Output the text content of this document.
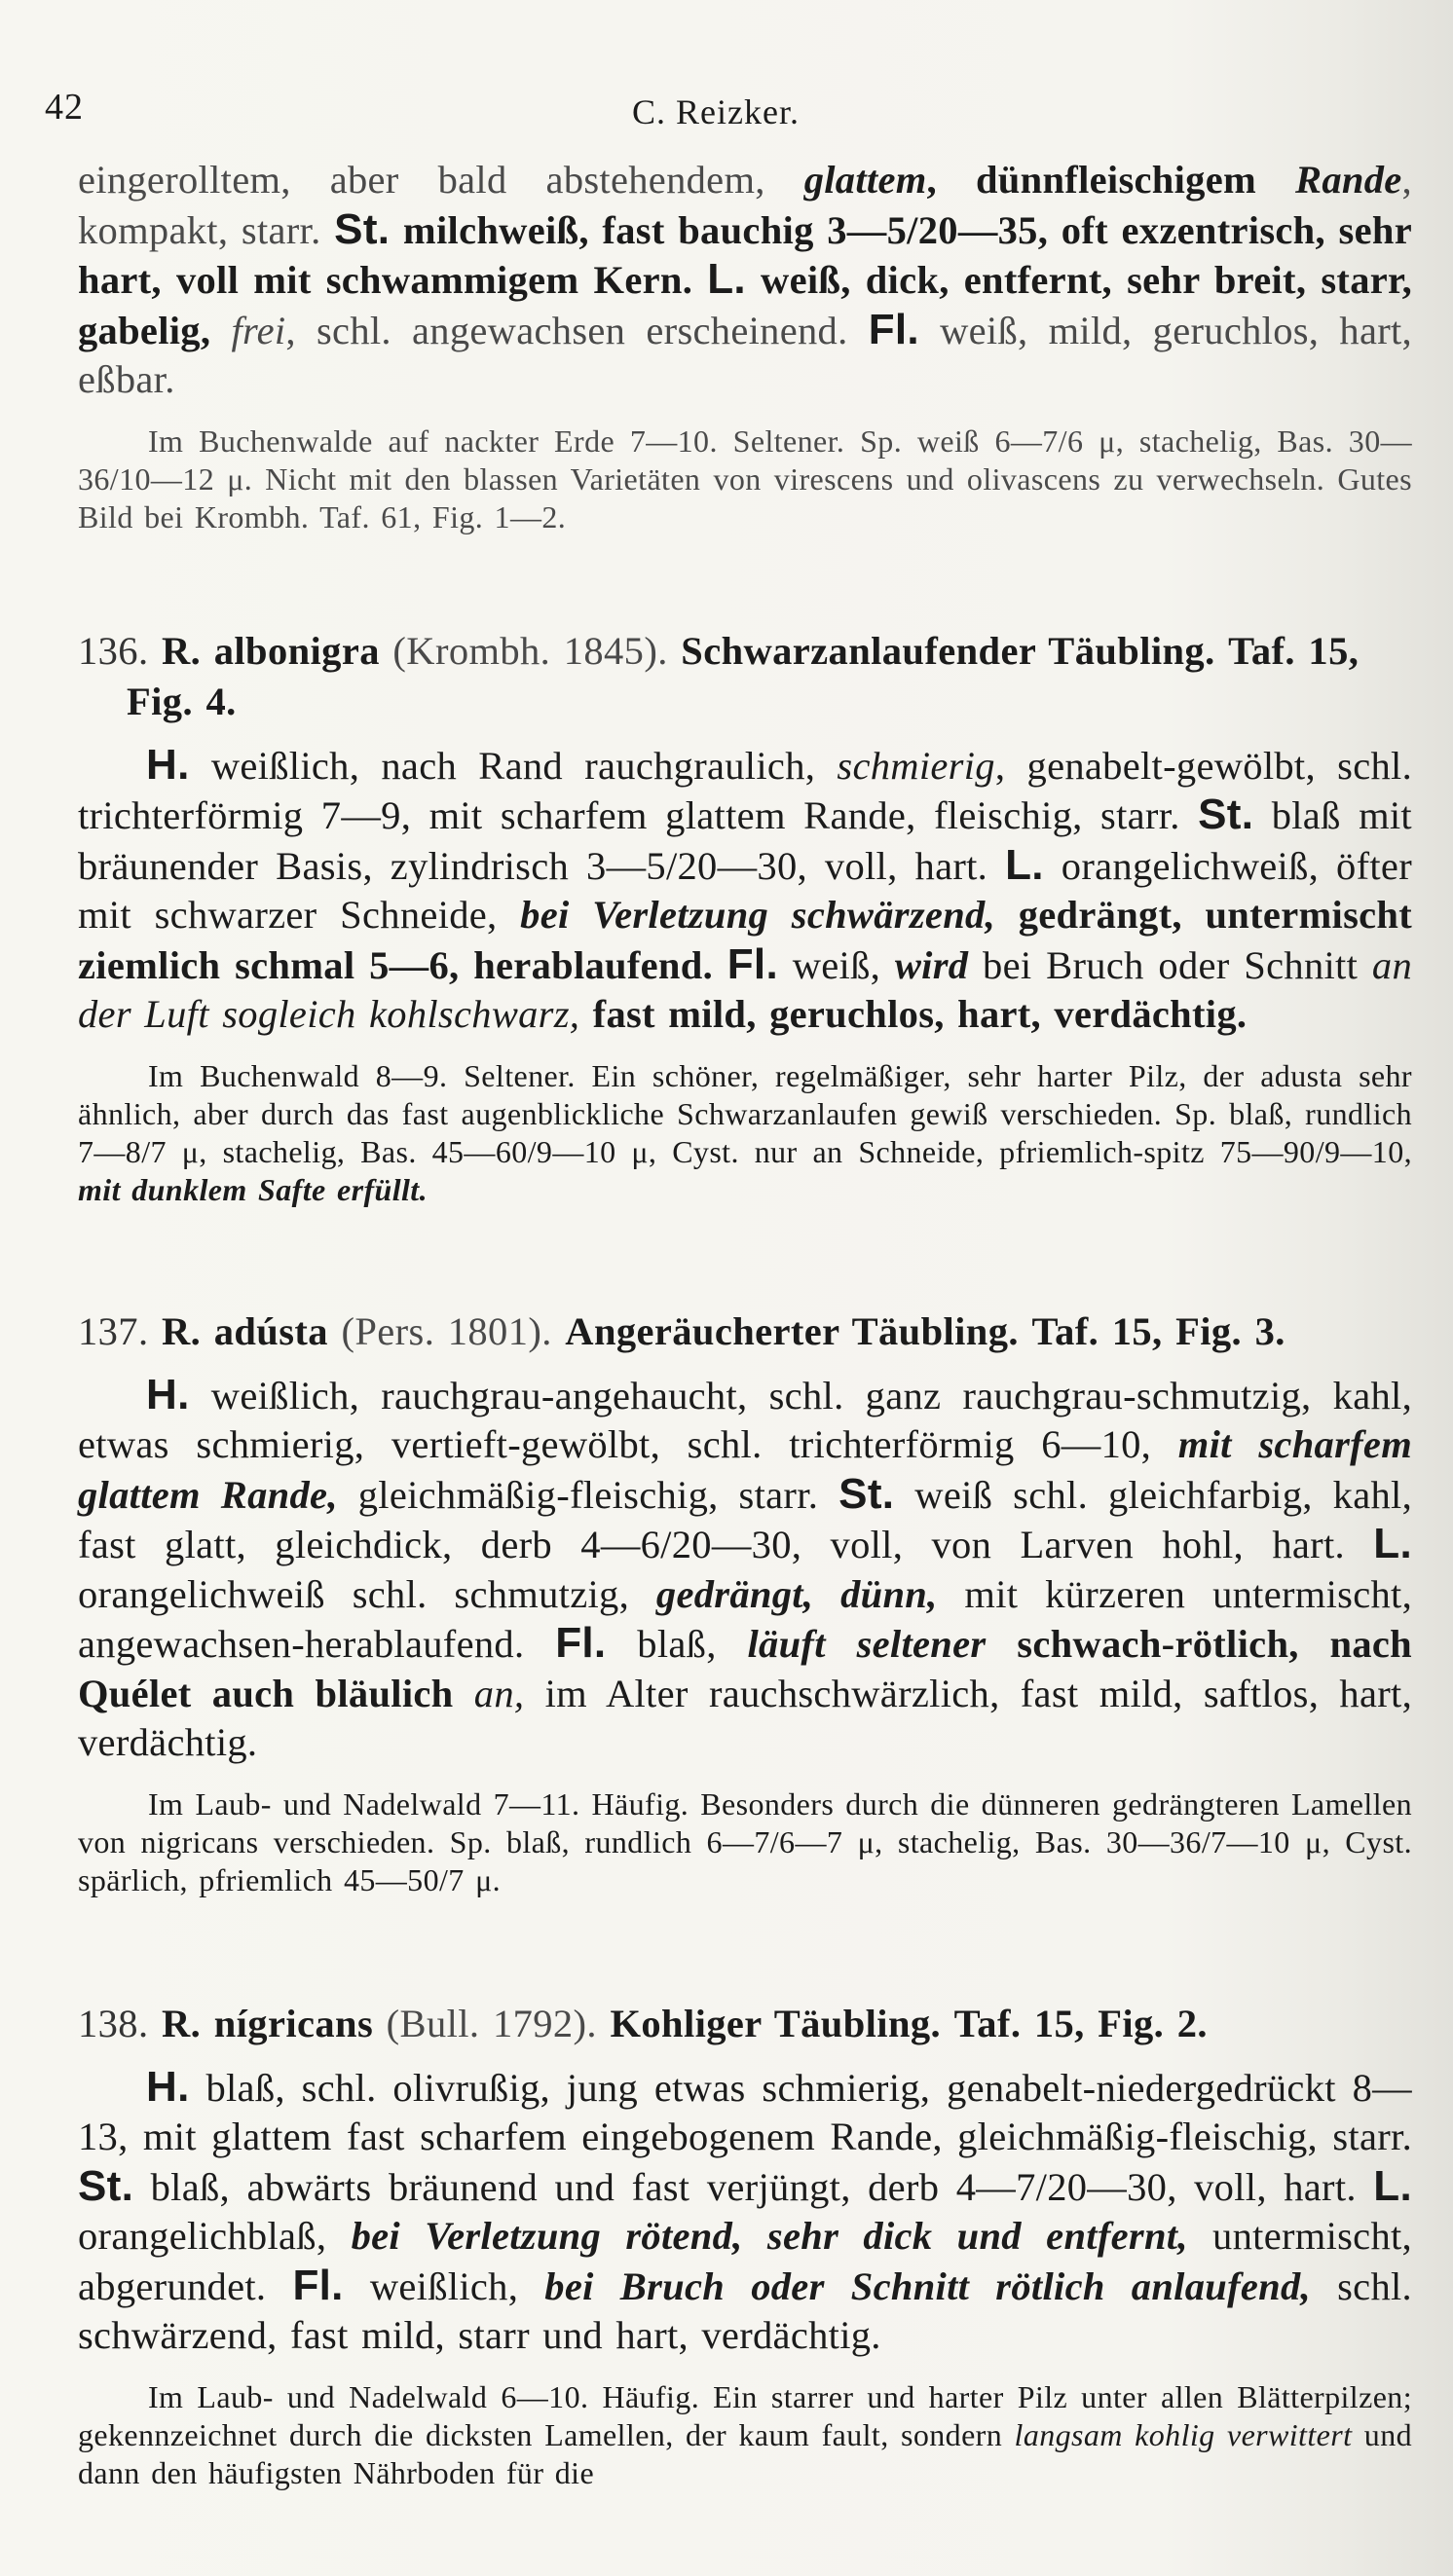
42	C. Reizker.

eingerolltem, aber bald abstehendem, glattem, dünnfleischigem Rande, kompakt, starr. St. milchweiß, fast bauchig 3—5/20—35, oft exzentrisch, sehr hart, voll mit schwammigem Kern. L. weiß, dick, entfernt, sehr breit, starr, gabelig, frei, schl. angewachsen erscheinend. Fl. weiß, mild, geruchlos, hart, eßbar.

Im Buchenwalde auf nackter Erde 7—10. Seltener. Sp. weiß 6—7/6 μ, stachelig, Bas. 30—36/10—12 μ. Nicht mit den blassen Varietäten von virescens und olivascens zu verwechseln. Gutes Bild bei Krombh. Taf. 61, Fig. 1—2.

136. R. albonigra (Krombh. 1845). Schwarzanlaufender Täubling. Taf. 15, Fig. 4.

H. weißlich, nach Rand rauchgraulich, schmierig, genabelt-gewölbt, schl. trichterförmig 7—9, mit scharfem glattem Rande, fleischig, starr. St. blaß mit bräunender Basis, zylindrisch 3—5/20—30, voll, hart. L. orangelichweiß, öfter mit schwarzer Schneide, bei Verletzung schwärzend, gedrängt, untermischt ziemlich schmal 5—6, herablaufend. Fl. weiß, wird bei Bruch oder Schnitt an der Luft sogleich kohlschwarz, fast mild, geruchlos, hart, verdächtig.

Im Buchenwald 8—9. Seltener. Ein schöner, regelmäßiger, sehr harter Pilz, der adusta sehr ähnlich, aber durch das fast augenblickliche Schwarzanlaufen gewiß verschieden. Sp. blaß, rundlich 7—8/7 μ, stachelig, Bas. 45—60/9—10 μ, Cyst. nur an Schneide, pfriemlich-spitz 75—90/9—10, mit dunklem Safte erfüllt.

137. R. adústa (Pers. 1801). Angeräucherter Täubling. Taf. 15, Fig. 3.

H. weißlich, rauchgrau-angehaucht, schl. ganz rauchgrau-schmutzig, kahl, etwas schmierig, vertieft-gewölbt, schl. trichterförmig 6—10, mit scharfem glattem Rande, gleichmäßig-fleischig, starr. St. weiß schl. gleichfarbig, kahl, fast glatt, gleichdick, derb 4—6/20—30, voll, von Larven hohl, hart. L. orangelichweiß schl. schmutzig, gedrängt, dünn, mit kürzeren untermischt, angewachsen-herablaufend. Fl. blaß, läuft seltener schwach-rötlich, nach Quélet auch bläulich an, im Alter rauchschwärzlich, fast mild, saftlos, hart, verdächtig.

Im Laub- und Nadelwald 7—11. Häufig. Besonders durch die dünneren gedrängteren Lamellen von nigricans verschieden. Sp. blaß, rundlich 6—7/6—7 μ, stachelig, Bas. 30—36/7—10 μ, Cyst. spärlich, pfriemlich 45—50/7 μ.

138. R. nígricans (Bull. 1792). Kohliger Täubling. Taf. 15, Fig. 2.

H. blaß, schl. olivrußig, jung etwas schmierig, genabelt-niedergedrückt 8—13, mit glattem fast scharfem eingebogenem Rande, gleichmäßig-fleischig, starr. St. blaß, abwärts bräunend und fast verjüngt, derb 4—7/20—30, voll, hart. L. orangelichblaß, bei Verletzung rötend, sehr dick und entfernt, untermischt, abgerundet. Fl. weißlich, bei Bruch oder Schnitt rötlich anlaufend, schl. schwärzend, fast mild, starr und hart, verdächtig.

Im Laub- und Nadelwald 6—10. Häufig. Ein starrer und harter Pilz unter allen Blätterpilzen; gekennzeichnet durch die dicksten Lamellen, der kaum fault, sondern langsam kohlig verwittert und dann den häufigsten Nährboden für die
